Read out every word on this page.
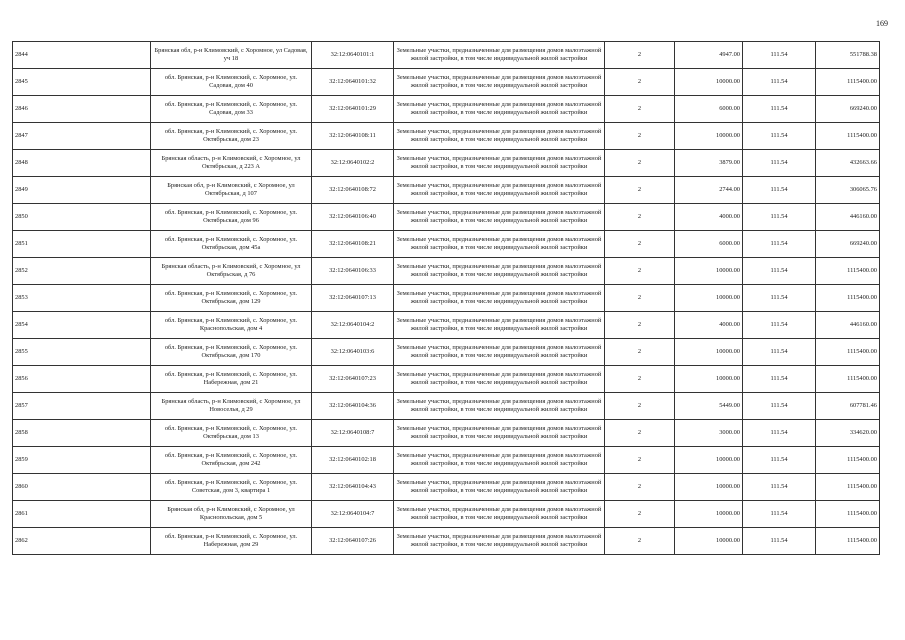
169
2844	Брянская обл, р-н Климовский, с Хоромное, ул Садовая, уч 18	32:12:0640101:1	Земельные участки, предназначенные для размещения домов малоэтажной жилой застройки, в том числе индивидуальной жилой застройки	2	4947.00	111.54	551788.38
2845	обл. Брянская, р-н Климовский, с. Хоромное, ул. Садовая, дом 40	32:12:0640101:32	Земельные участки, предназначенные для размещения домов малоэтажной жилой застройки, в том числе индивидуальной жилой застройки	2	10000.00	111.54	1115400.00
2846	обл. Брянская, р-н Климовский, с. Хоромное, ул. Садовая, дом 33	32:12:0640101:29	Земельные участки, предназначенные для размещения домов малоэтажной жилой застройки, в том числе индивидуальной жилой застройки	2	6000.00	111.54	669240.00
2847	обл. Брянская, р-н Климовский, с. Хоромное, ул. Октябрьская, дом 23	32:12:0640108:11	Земельные участки, предназначенные для размещения домов малоэтажной жилой застройки, в том числе индивидуальной жилой застройки	2	10000.00	111.54	1115400.00
2848	Брянская область, р-н Климовский, с Хоромное, ул Октябрьская, д 223 А	32:12:0640102:2	Земельные участки, предназначенные для размещения домов малоэтажной жилой застройки, в том числе индивидуальной жилой застройки	2	3879.00	111.54	432663.66
2849	Брянская обл, р-н Климовский, с Хоромное, ул Октябрьская, д 107	32:12:0640108:72	Земельные участки, предназначенные для размещения домов малоэтажной жилой застройки, в том числе индивидуальной жилой застройки	2	2744.00	111.54	306065.76
2850	обл. Брянская, р-н Климовский, с. Хоромное, ул. Октябрьская, дом 96	32:12:0640106:40	Земельные участки, предназначенные для размещения домов малоэтажной жилой застройки, в том числе индивидуальной жилой застройки	2	4000.00	111.54	446160.00
2851	обл. Брянская, р-н Климовский, с. Хоромное, ул. Октябрьская, дом 45а	32:12:0640108:21	Земельные участки, предназначенные для размещения домов малоэтажной жилой застройки, в том числе индивидуальной жилой застройки	2	6000.00	111.54	669240.00
2852	Брянская область, р-н Климовский, с Хоромное, ул Октябрьская, д 76	32:12:0640106:33	Земельные участки, предназначенные для размещения домов малоэтажной жилой застройки, в том числе индивидуальной жилой застройки	2	10000.00	111.54	1115400.00
2853	обл. Брянская, р-н Климовский, с. Хоромное, ул. Октябрьская, дом 129	32:12:0640107:13	Земельные участки, предназначенные для размещения домов малоэтажной жилой застройки, в том числе индивидуальной жилой застройки	2	10000.00	111.54	1115400.00
2854	обл. Брянская, р-н Климовский, с. Хоромное, ул. Краснопольская, дом 4	32:12:0640104:2	Земельные участки, предназначенные для размещения домов малоэтажной жилой застройки, в том числе индивидуальной жилой застройки	2	4000.00	111.54	446160.00
2855	обл. Брянская, р-н Климовский, с. Хоромное, ул. Октябрьская, дом 170	32:12:0640103:6	Земельные участки, предназначенные для размещения домов малоэтажной жилой застройки, в том числе индивидуальной жилой застройки	2	10000.00	111.54	1115400.00
2856	обл. Брянская, р-н Климовский, с. Хоромное, ул. Набережная, дом 21	32:12:0640107:23	Земельные участки, предназначенные для размещения домов малоэтажной жилой застройки, в том числе индивидуальной жилой застройки	2	10000.00	111.54	1115400.00
2857	Брянская область, р-н Климовский, с Хоромное, ул Новоселья, д 29	32:12:0640104:36	Земельные участки, предназначенные для размещения домов малоэтажной жилой застройки, в том числе индивидуальной жилой застройки	2	5449.00	111.54	607781.46
2858	обл. Брянская, р-н Климовский, с. Хоромное, ул. Октябрьская, дом 13	32:12:0640108:7	Земельные участки, предназначенные для размещения домов малоэтажной жилой застройки, в том числе индивидуальной жилой застройки	2	3000.00	111.54	334620.00
2859	обл. Брянская, р-н Климовский, с. Хоромное, ул. Октябрьская, дом 242	32:12:0640102:18	Земельные участки, предназначенные для размещения домов малоэтажной жилой застройки, в том числе индивидуальной жилой застройки	2	10000.00	111.54	1115400.00
2860	обл. Брянская, р-н Климовский, с. Хоромное, ул. Советская, дом 3, квартира 1	32:12:0640104:43	Земельные участки, предназначенные для размещения домов малоэтажной жилой застройки, в том числе индивидуальной жилой застройки	2	10000.00	111.54	1115400.00
2861	Брянская обл, р-н Климовский, с Хоромное, ул Краснопольская, дом 5	32:12:0640104:7	Земельные участки, предназначенные для размещения домов малоэтажной жилой застройки, в том числе индивидуальной жилой застройки	2	10000.00	111.54	1115400.00
2862	обл. Брянская, р-н Климовский, с. Хоромное, ул. Набережная, дом 29	32:12:0640107:26	Земельные участки, предназначенные для размещения домов малоэтажной жилой застройки, в том числе индивидуальной жилой застройки	2	10000.00	111.54	1115400.00
